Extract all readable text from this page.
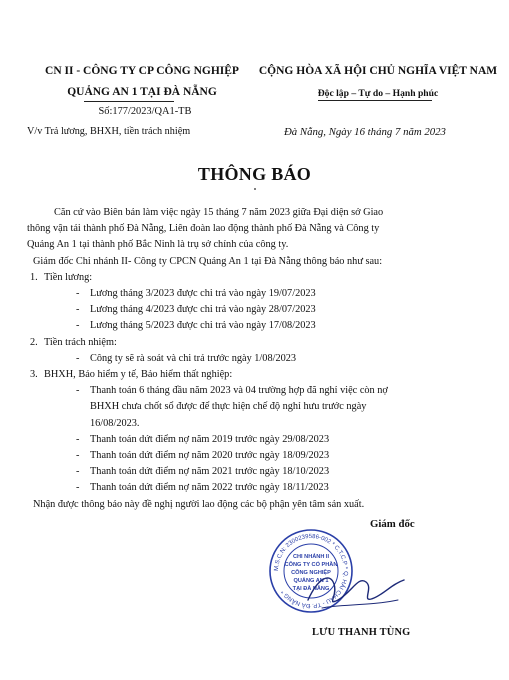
CN II - CÔNG TY CP CÔNG NGHIỆP
QUẢNG AN 1 TẠI ĐÀ NẴNG
CỘNG HÒA XÃ HỘI CHỦ NGHĨA VIỆT NAM
Độc lập – Tự do – Hạnh phúc
Số:177/2023/QA1-TB
V/v Trả lương, BHXH, tiền trách nhiệm	Đà Nẵng, Ngày 16 tháng 7 năm 2023
THÔNG BÁO
Căn cứ vào Biên bản làm việc ngày 15 tháng 7 năm 2023 giữa Đại diện sở Giao
thông vận tải thành phố Đà Nẵng, Liên đoàn lao động thành phố Đà Nẵng và Công ty
Quảng An 1 tại thành phố Bắc Ninh là trụ sở chính của công ty.
Giám đốc Chi nhánh II- Công ty CPCN Quảng An 1 tại Đà Nẵng thông báo như sau:
1. Tiền lương:
- Lương tháng 3/2023 được chi trả vào ngày 19/07/2023
- Lương tháng 4/2023 được chi trả vào ngày 28/07/2023
- Lương tháng 5/2023 được chi trả vào ngày 17/08/2023
2. Tiền trách nhiệm:
- Công ty sẽ rà soát và chi trả trước ngày 1/08/2023
3. BHXH, Bảo hiểm y tế, Bảo hiểm thất nghiệp:
- Thanh toán 6 tháng đầu năm 2023 và 04 trường hợp đã nghỉ việc còn nợ
BHXH chưa chốt sổ được để thực hiện chế độ nghỉ hưu trước ngày
16/08/2023.
- Thanh toán dứt điểm nợ năm 2019 trước ngày 29/08/2023
- Thanh toán dứt điểm nợ năm 2020 trước ngày 18/09/2023
- Thanh toán dứt điểm nợ năm 2021 trước ngày 18/10/2023
- Thanh toán dứt điểm nợ năm 2022 trước ngày 18/11/2023
Nhận được thông báo này đề nghị người lao động các bộ phận yên tâm sản xuất.
Giám đốc
M.S.C.N: 2300239586-002 * C.T.C.P * Q. HẢI CHÂU - TP. ĐÀ NẴNG *
CHI NHÁNH II
CÔNG TY CỔ PHẦN
CÔNG NGHIỆP
QUẢNG AN 1
TẠI ĐÀ NẴNG
LƯU THANH TÙNG
